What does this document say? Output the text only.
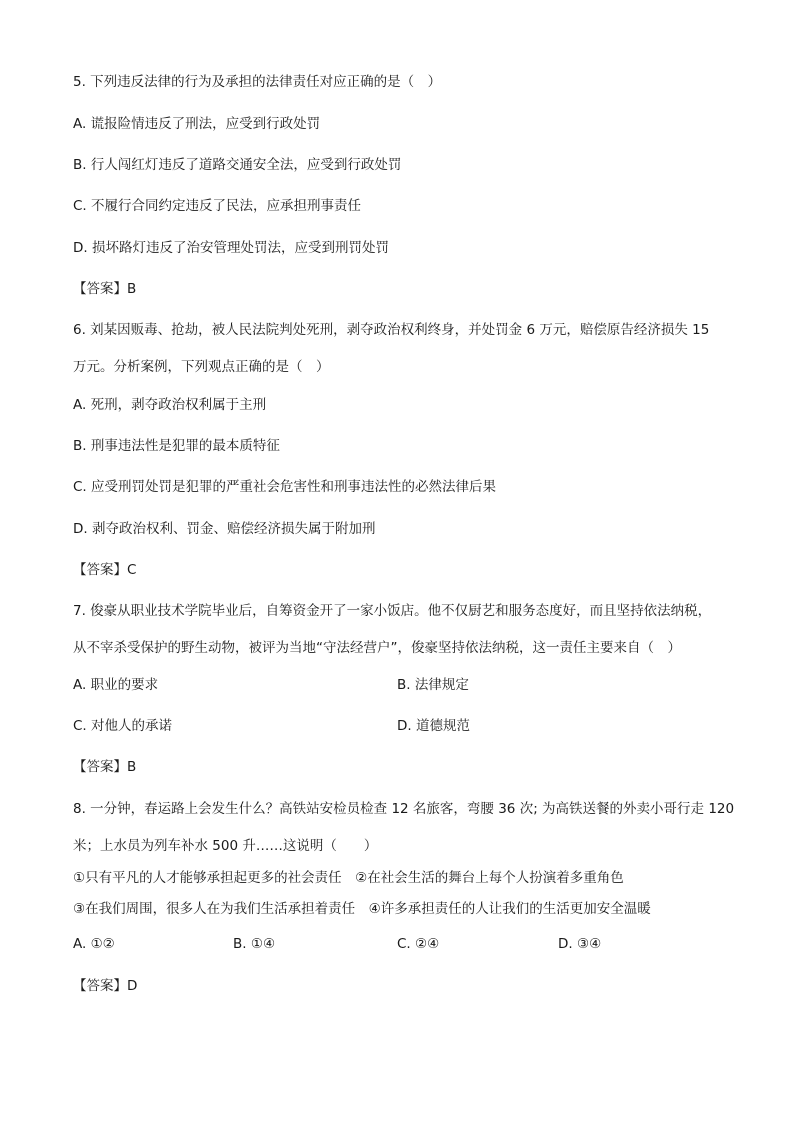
5. 下列违反法律的行为及承担的法律责任对应正确的是（　）
A. 谎报险情违反了刑法，应受到行政处罚
B. 行人闯红灯违反了道路交通安全法，应受到行政处罚
C. 不履行合同约定违反了民法，应承担刑事责任
D. 损坏路灯违反了治安管理处罚法，应受到刑罚处罚
【答案】B
6. 刘某因贩毒、抢劫，被人民法院判处死刑，剥夺政治权利终身，并处罚金 6 万元，赔偿原告经济损失 15
万元。分析案例，下列观点正确的是（　）
A. 死刑，剥夺政治权利属于主刑
B. 刑事违法性是犯罪的最本质特征
C. 应受刑罚处罚是犯罪的严重社会危害性和刑事违法性的必然法律后果
D. 剥夺政治权利、罚金、赔偿经济损失属于附加刑
【答案】C
7. 俊豪从职业技术学院毕业后，自筹资金开了一家小饭店。他不仅厨艺和服务态度好，而且坚持依法纳税，
从不宰杀受保护的野生动物，被评为当地“守法经营户”，俊豪坚持依法纳税，这一责任主要来自（　）
A. 职业的要求	B. 法律规定
C. 对他人的承诺	D. 道德规范
【答案】B
8. 一分钟，春运路上会发生什么？高铁站安检员检查 12 名旅客，弯腰 36 次; 为高铁送餐的外卖小哥行走 120
米；上水员为列车补水 500 升……这说明（　　）
①只有平凡的人才能够承担起更多的社会责任　②在社会生活的舞台上每个人扮演着多重角色
③在我们周围，很多人在为我们生活承担着责任　④许多承担责任的人让我们的生活更加安全温暖
A. ①②	B. ①④	C. ②④	D. ③④
【答案】D
